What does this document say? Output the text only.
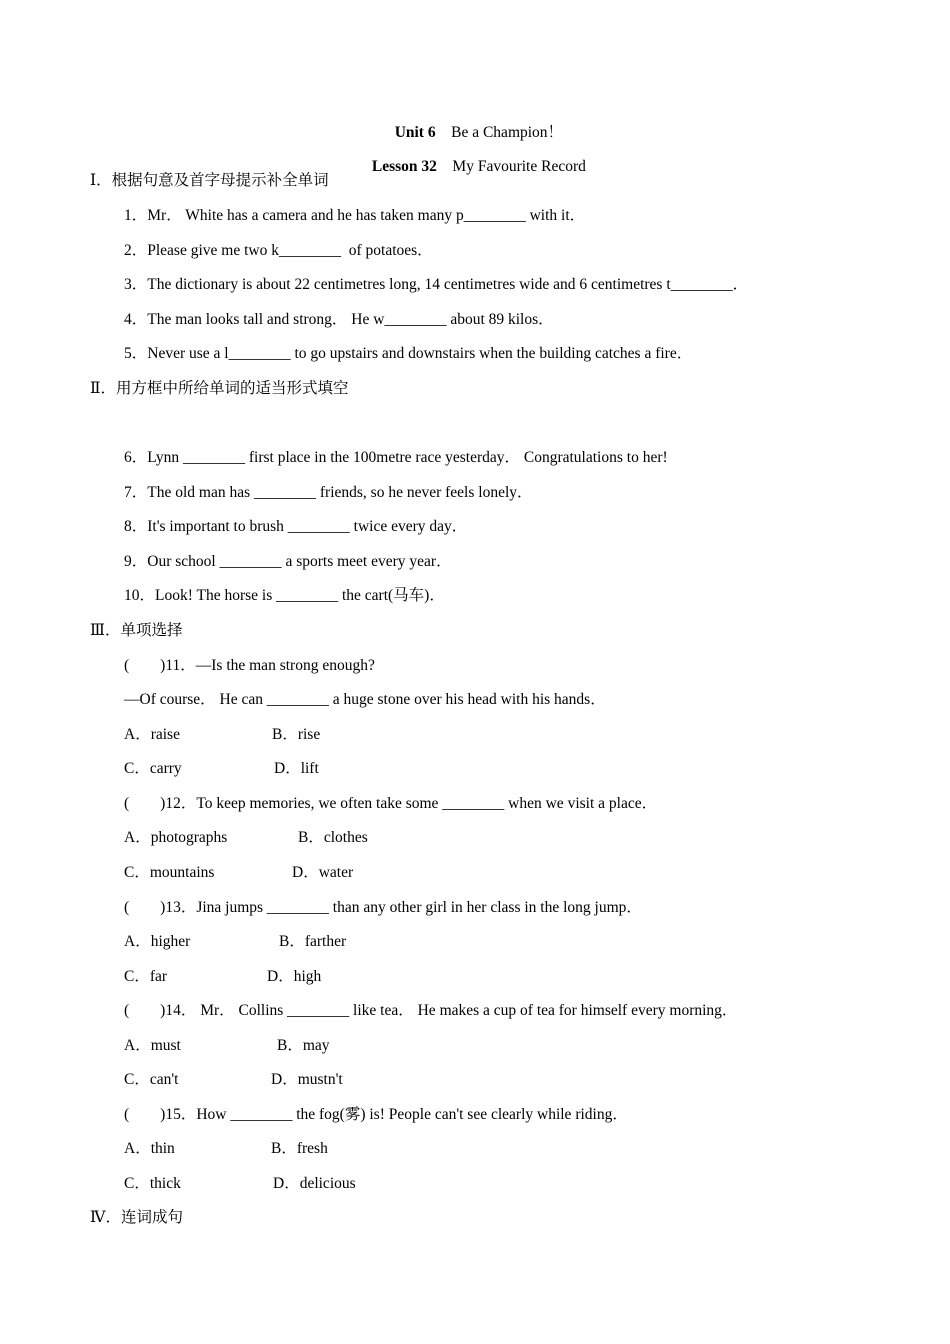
Unit 6　 Be a Champion！

Lesson 32　 My Favourite Record

Ⅰ．根据句意及首字母提示补全单词
1．Mr． White has a camera and he has taken many p________ with it．
2．Please give me two k________  of potatoes．
3．The dictionary is about 22 centimetres long, 14 centimetres wide and 6 centimetres t________．
4．The man looks tall and strong． He w________ about 89 kilos．
5．Never use a l________ to go upstairs and downstairs when the building catches a fire．
Ⅱ．用方框中所给单词的适当形式填空
6．Lynn ________ first place in the 100metre race yesterday． Congratulations to her!
7．The old man has ________ friends, so he never feels lonely．
8．It's important to brush ________ twice every day．
9．Our school ________ a sports meet every year．
10．Look! The horse is ________ the cart(马车)．
Ⅲ．单项选择
(　　)11．—Is the man strong enough?
—Of course． He can ________ a huge stone over his head with his hands．
A．raise	B．rise
C．carry	D．lift
(　　)12．To keep memories, we often take some ________ when we visit a place．
A．photographs	B．clothes
C．mountains	D．water
(　　)13．Jina jumps ________ than any other girl in her class in the long jump．
A．higher	B．farther
C．far	D．high
(　　)14． Mr． Collins ________ like tea． He makes a cup of tea for himself every morning．
A．must	B．may
C．can't	D．mustn't
(　　)15．How ________ the fog(雾) is! People can't see clearly while riding．
A．thin	B．fresh
C．thick	D．delicious
Ⅳ．连词成句
